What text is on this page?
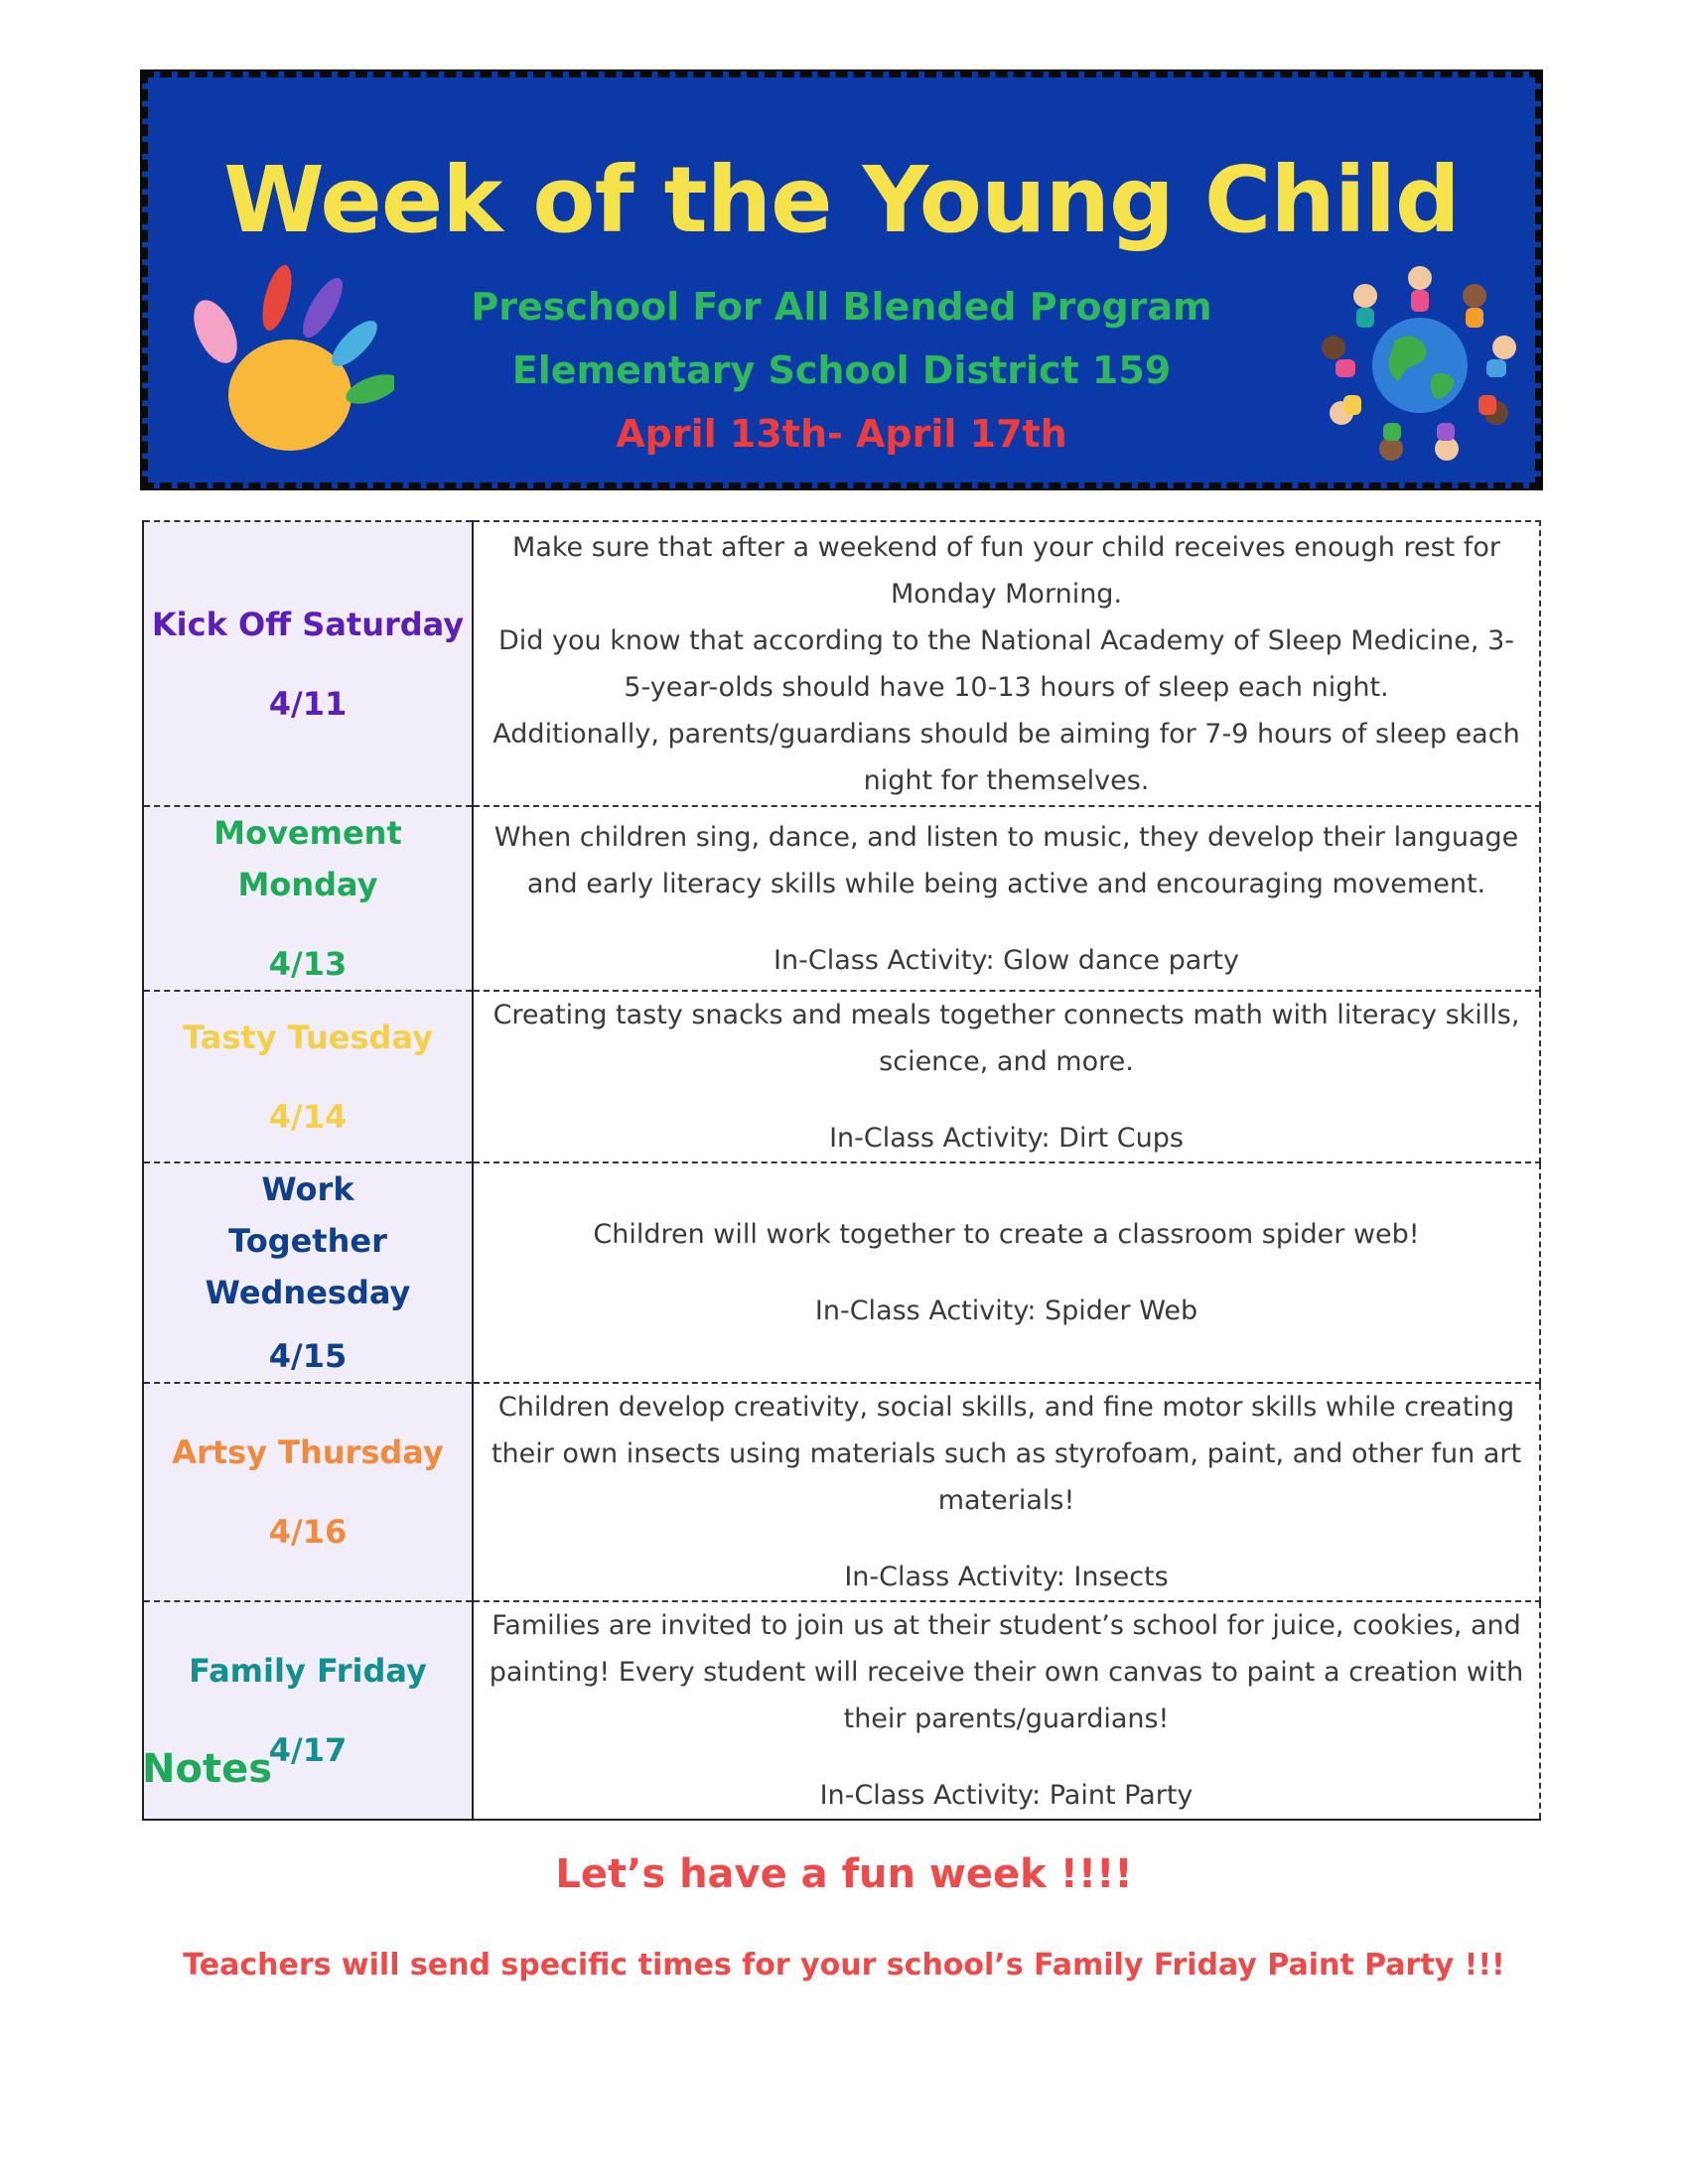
Week of the Young Child
Preschool For All Blended Program
Elementary School District 159
April 13th- April 17th
Kick Off Saturday
4/11	Make sure that after a weekend of fun your child receives enough rest for Monday Morning.
Did you know that according to the National Academy of Sleep Medicine, 3-5-year-olds should have 10-13 hours of sleep each night.
Additionally, parents/guardians should be aiming for 7-9 hours of sleep each night for themselves.

Movement Monday
4/13	When children sing, dance, and listen to music, they develop their language and early literacy skills while being active and encouraging movement.
In-Class Activity: Glow dance party

Tasty Tuesday
4/14	Creating tasty snacks and meals together connects math with literacy skills, science, and more.
In-Class Activity: Dirt Cups

Work Together Wednesday
4/15	Children will work together to create a classroom spider web!
In-Class Activity: Spider Web

Artsy Thursday
4/16	Children develop creativity, social skills, and fine motor skills while creating their own insects using materials such as styrofoam, paint, and other fun art materials!
In-Class Activity: Insects

Family Friday
4/17	Families are invited to join us at their student’s school for juice, cookies, and painting! Every student will receive their own canvas to paint a creation with their parents/guardians!
In-Class Activity: Paint Party
Notes
Let’s have a fun week !!!!
Teachers will send specific times for your school’s Family Friday Paint Party !!!
